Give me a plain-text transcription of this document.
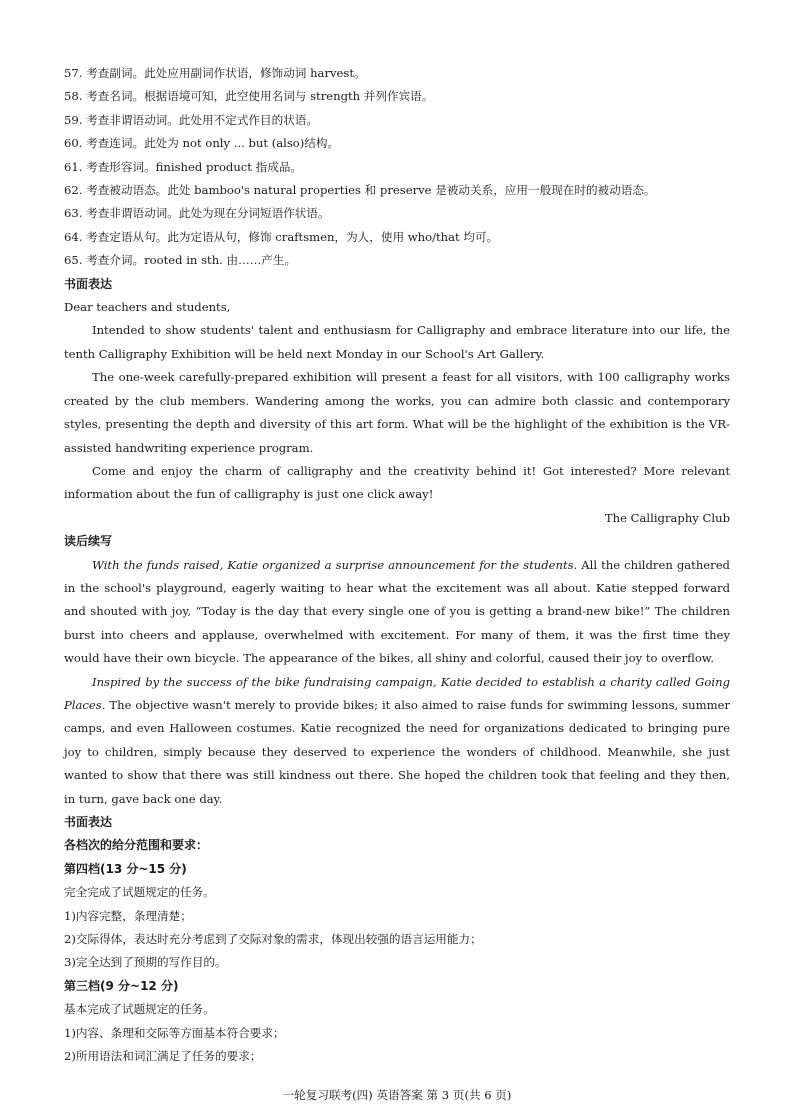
57. 考查副词。此处应用副词作状语，修饰动词 harvest。
58. 考查名词。根据语境可知，此空使用名词与 strength 并列作宾语。
59. 考查非谓语动词。此处用不定式作目的状语。
60. 考查连词。此处为 not only ... but (also)结构。
61. 考查形容词。finished product 指成品。
62. 考查被动语态。此处 bamboo's natural properties 和 preserve 是被动关系，应用一般现在时的被动语态。
63. 考查非谓语动词。此处为现在分词短语作状语。
64. 考查定语从句。此为定语从句，修饰 craftsmen，为人，使用 who/that 均可。
65. 考查介词。rooted in sth. 由……产生。
书面表达
Dear teachers and students,

Intended to show students' talent and enthusiasm for Calligraphy and embrace literature into our life, the tenth Calligraphy Exhibition will be held next Monday in our School's Art Gallery.

The one-week carefully-prepared exhibition will present a feast for all visitors, with 100 calligraphy works created by the club members. Wandering among the works, you can admire both classic and contemporary styles, presenting the depth and diversity of this art form. What will be the highlight of the exhibition is the VR-assisted handwriting experience program.

Come and enjoy the charm of calligraphy and the creativity behind it! Got interested? More relevant information about the fun of calligraphy is just one click away!

The Calligraphy Club
读后续写

With the funds raised, Katie organized a surprise announcement for the students. All the children gathered in the school's playground, eagerly waiting to hear what the excitement was all about. Katie stepped forward and shouted with joy, “Today is the day that every single one of you is getting a brand-new bike!” The children burst into cheers and applause, overwhelmed with excitement. For many of them, it was the first time they would have their own bicycle. The appearance of the bikes, all shiny and colorful, caused their joy to overflow.

Inspired by the success of the bike fundraising campaign, Katie decided to establish a charity called Going Places. The objective wasn't merely to provide bikes; it also aimed to raise funds for swimming lessons, summer camps, and even Halloween costumes. Katie recognized the need for organizations dedicated to bringing pure joy to children, simply because they deserved to experience the wonders of childhood. Meanwhile, she just wanted to show that there was still kindness out there. She hoped the children took that feeling and they then, in turn, gave back one day.

书面表达
各档次的给分范围和要求：
第四档(13 分~15 分)
完全完成了试题规定的任务。
1)内容完整，条理清楚；
2)交际得体，表达时充分考虑到了交际对象的需求，体现出较强的语言运用能力；
3)完全达到了预期的写作目的。
第三档(9 分~12 分)
基本完成了试题规定的任务。
1)内容、条理和交际等方面基本符合要求；
2)所用语法和词汇满足了任务的要求；
一轮复习联考(四) 英语答案 第 3 页(共 6 页)
